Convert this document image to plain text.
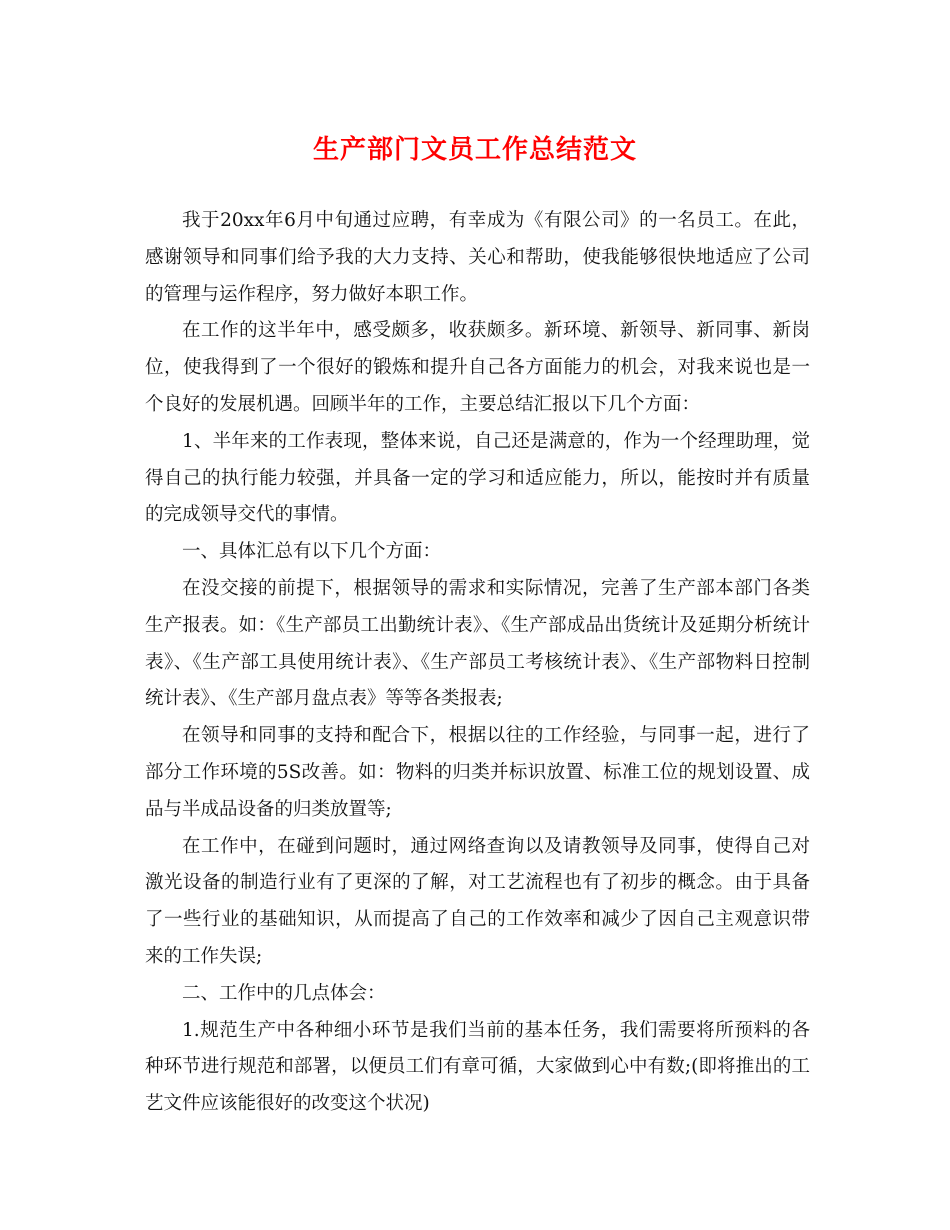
生产部门文员工作总结范文

我于20xx年6月中旬通过应聘，有幸成为《有限公司》的一名员工。在此，感谢领导和同事们给予我的大力支持、关心和帮助，使我能够很快地适应了公司的管理与运作程序，努力做好本职工作。

在工作的这半年中，感受颇多，收获颇多。新环境、新领导、新同事、新岗位，使我得到了一个很好的锻炼和提升自己各方面能力的机会，对我来说也是一个良好的发展机遇。回顾半年的工作，主要总结汇报以下几个方面：

1、半年来的工作表现，整体来说，自己还是满意的，作为一个经理助理，觉得自己的执行能力较强，并具备一定的学习和适应能力，所以，能按时并有质量的完成领导交代的事情。

一、具体汇总有以下几个方面：

在没交接的前提下，根据领导的需求和实际情况，完善了生产部本部门各类生产报表。如：《生产部员工出勤统计表》、《生产部成品出货统计及延期分析统计表》、《生产部工具使用统计表》、《生产部员工考核统计表》、《生产部物料日控制统计表》、《生产部月盘点表》等等各类报表;

在领导和同事的支持和配合下，根据以往的工作经验，与同事一起，进行了部分工作环境的5S改善。如：物料的归类并标识放置、标准工位的规划设置、成品与半成品设备的归类放置等;

在工作中，在碰到问题时，通过网络查询以及请教领导及同事，使得自己对激光设备的制造行业有了更深的了解，对工艺流程也有了初步的概念。由于具备了一些行业的基础知识，从而提高了自己的工作效率和减少了因自己主观意识带来的工作失误;

二、工作中的几点体会：

1.规范生产中各种细小环节是我们当前的基本任务，我们需要将所预料的各种环节进行规范和部署，以便员工们有章可循，大家做到心中有数;(即将推出的工艺文件应该能很好的改变这个状况)
